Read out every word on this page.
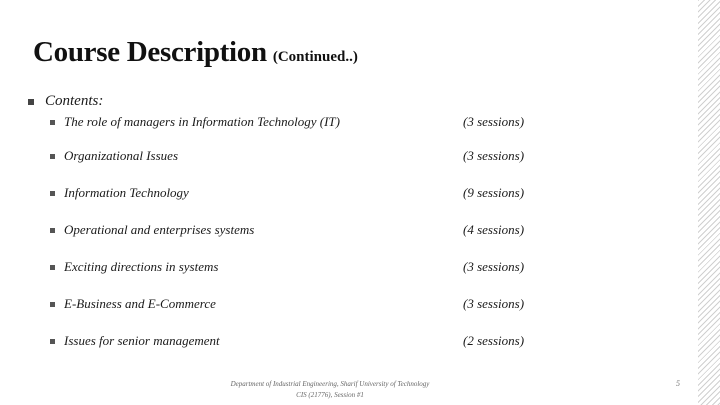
Course Description (Continued..)
Contents:
The role of managers in Information Technology (IT)	(3 sessions)
Organizational Issues	(3 sessions)
Information Technology	(9 sessions)
Operational and enterprises systems	(4 sessions)
Exciting directions in systems	(3 sessions)
E-Business and E-Commerce	(3 sessions)
Issues for senior management	(2 sessions)
Department of Industrial Engineering, Sharif University of Technology
CIS (21776), Session #1
5
